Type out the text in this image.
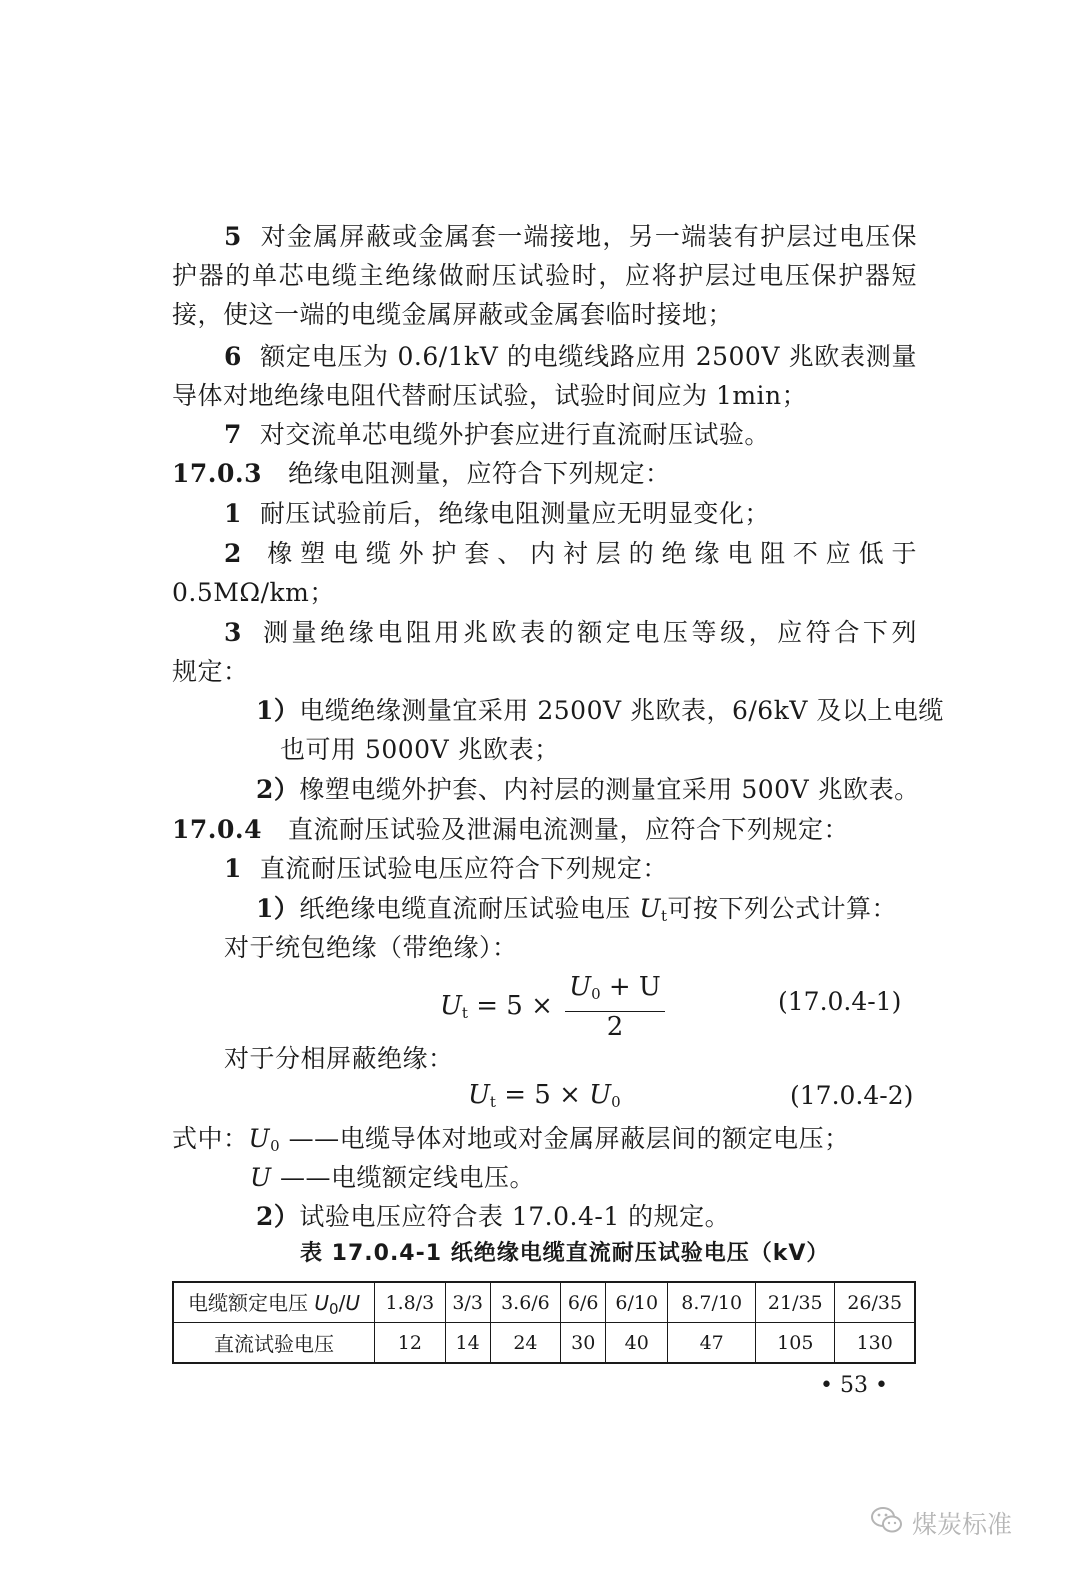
5 对金属屏蔽或金属套一端接地，另一端装有护层过电压保
护器的单芯电缆主绝缘做耐压试验时，应将护层过电压保护器短
接，使这一端的电缆金属屏蔽或金属套临时接地；
6 额定电压为 0.6/1kV 的电缆线路应用 2500V 兆欧表测量
导体对地绝缘电阻代替耐压试验，试验时间应为 1min；
7 对交流单芯电缆外护套应进行直流耐压试验。
17.0.3 绝缘电阻测量，应符合下列规定：
1 耐压试验前后，绝缘电阻测量应无明显变化；
2 橡塑电缆外护套、内衬层的绝缘电阻不应低于
0.5MΩ/km；
3 测量绝缘电阻用兆欧表的额定电压等级，应符合下列
规定：
1）电缆绝缘测量宜采用 2500V 兆欧表，6/6kV 及以上电缆
也可用 5000V 兆欧表；
2）橡塑电缆外护套、内衬层的测量宜采用 500V 兆欧表。
17.0.4 直流耐压试验及泄漏电流测量，应符合下列规定：
1 直流耐压试验电压应符合下列规定：
1）纸绝缘电缆直流耐压试验电压 $U_t$可按下列公式计算：
对于统包绝缘（带绝缘）：
$U_t = 5 \times \frac{U_0 + U}{2}$	(17.0.4-1)
对于分相屏蔽绝缘：
$U_t = 5 \times U_0$	(17.0.4-2)
式中：$U_0$ ——电缆导体对地或对金属屏蔽层间的额定电压；
U ——电缆额定线电压。
2）试验电压应符合表 17.0.4-1 的规定。
表 17.0.4-1 纸绝缘电缆直流耐压试验电压（kV）
电缆额定电压 $U_0/U$	1.8/3	3/3	3.6/6	6/6	6/10	8.7/10	21/35	26/35
直流试验电压	12	14	24	30	40	47	105	130
• 53 •
煤炭标准
